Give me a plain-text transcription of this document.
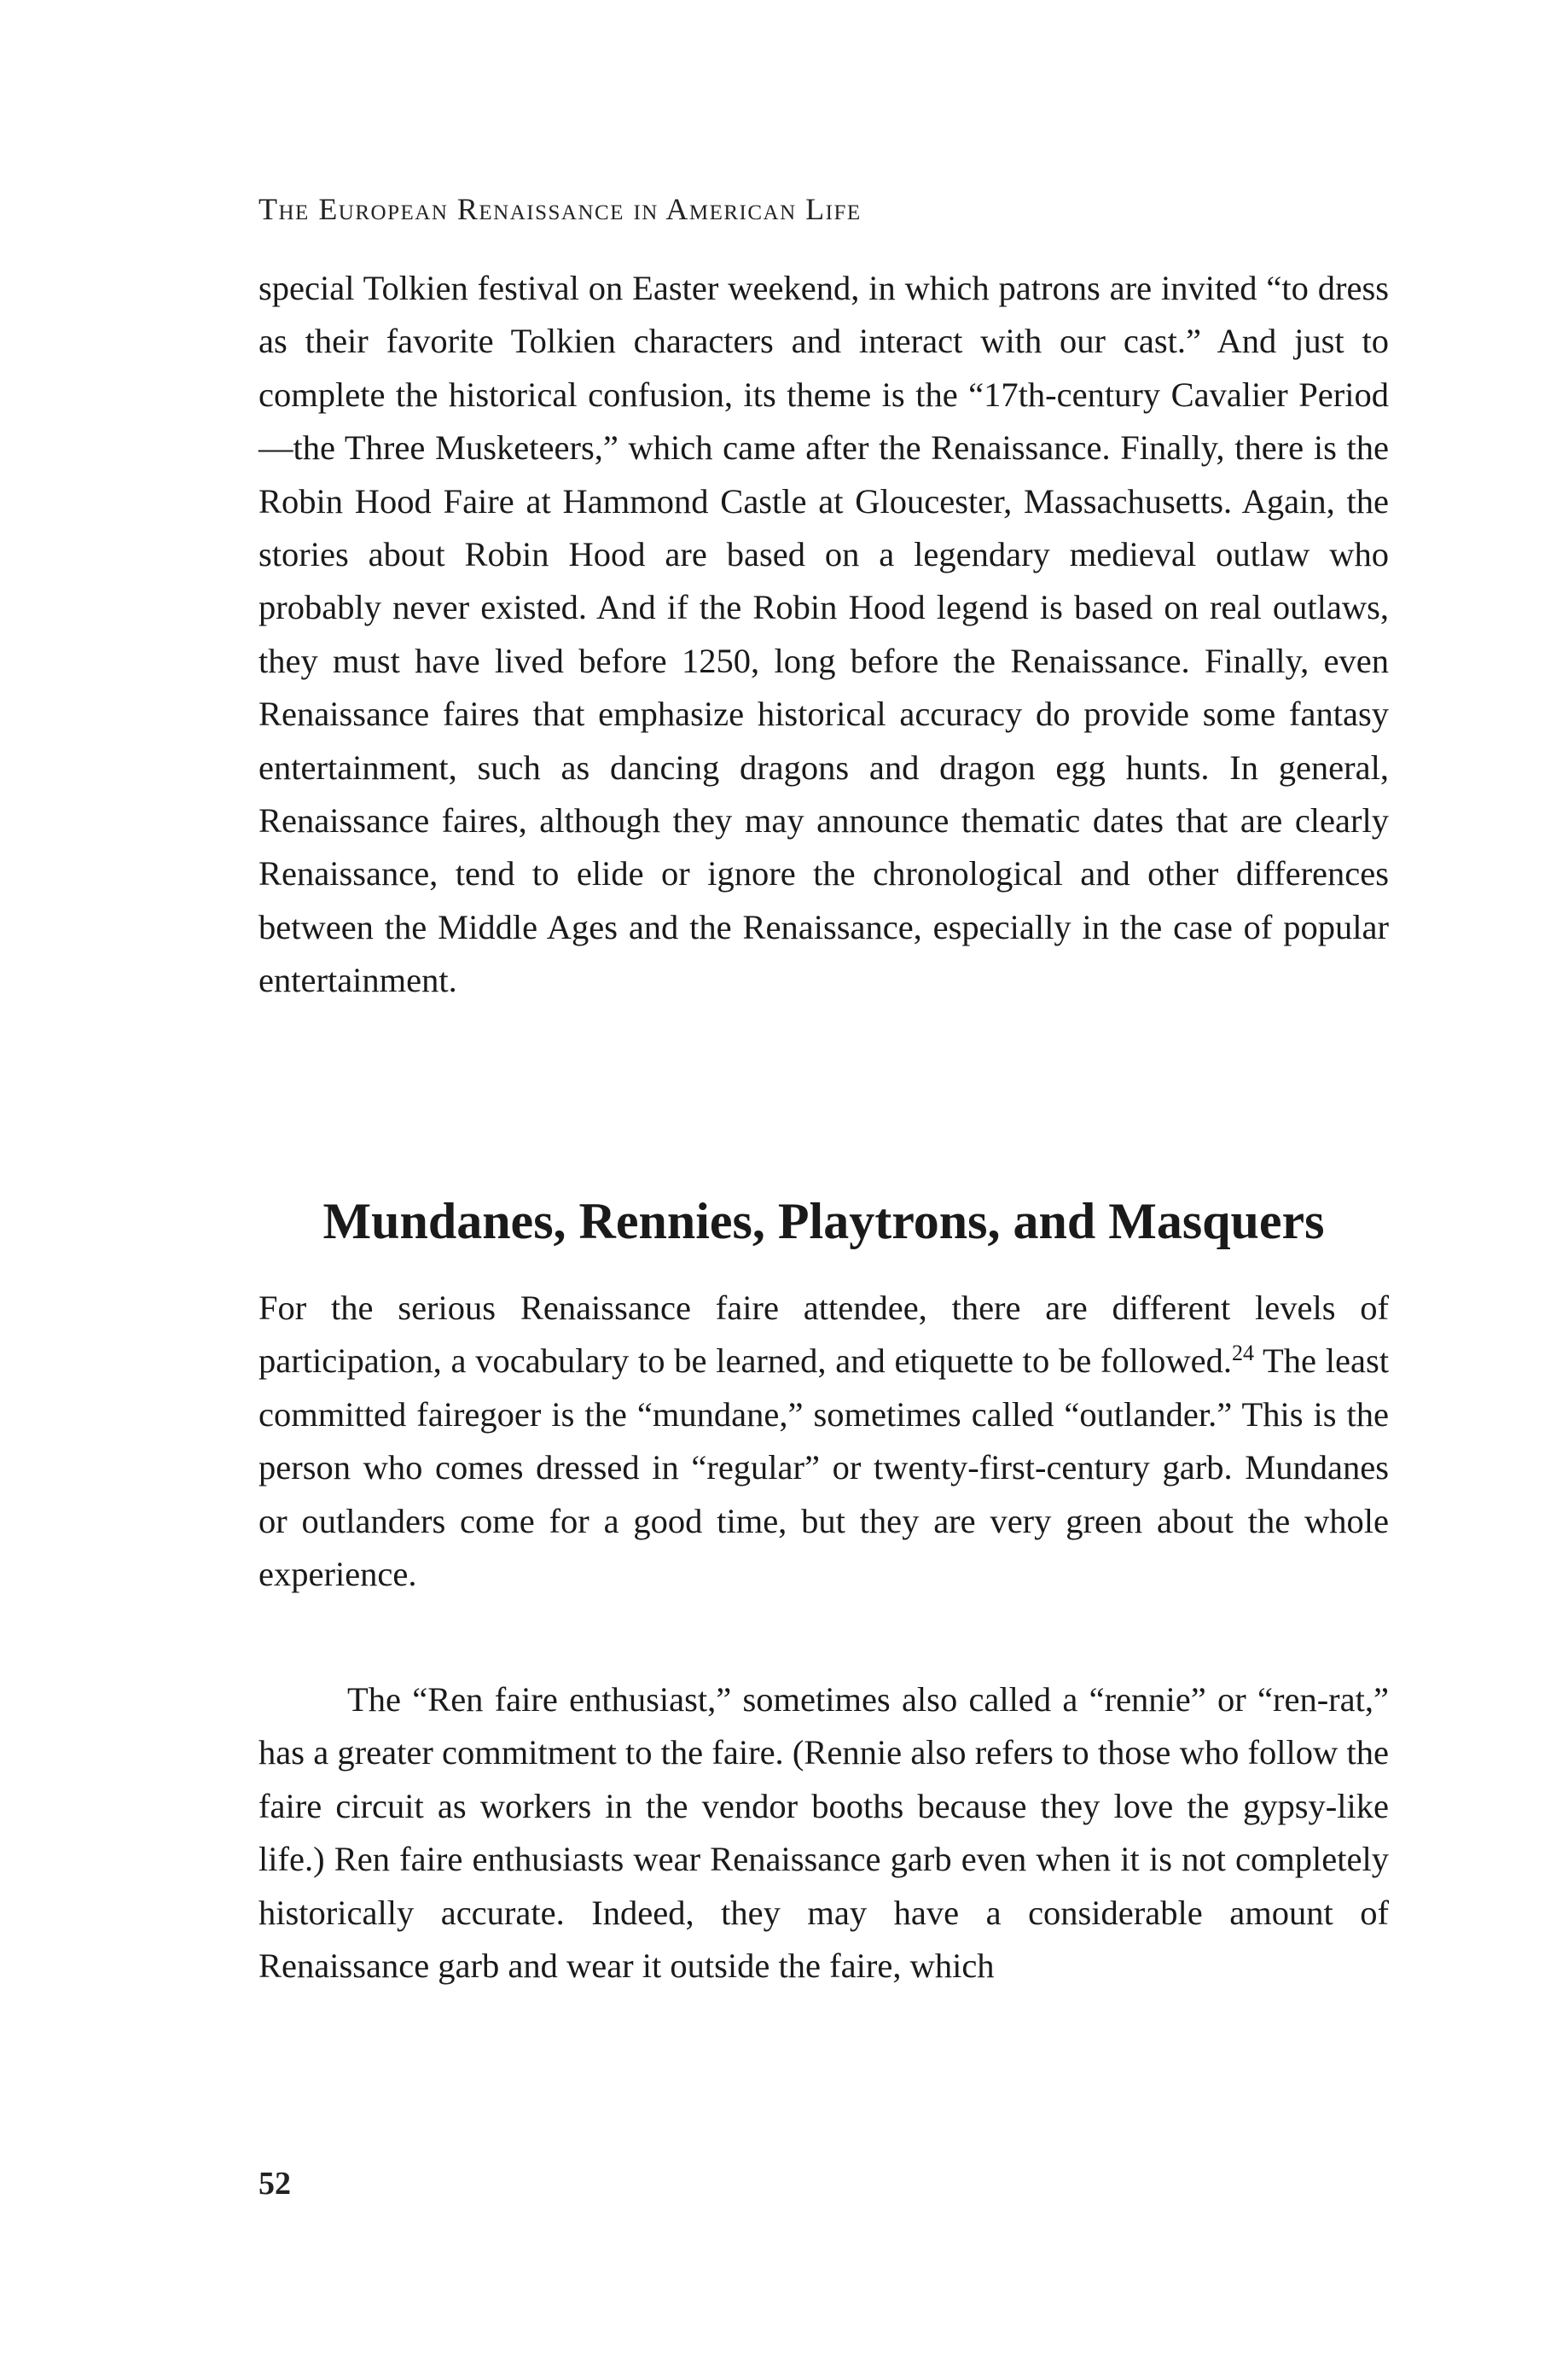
The European Renaissance in American Life

special Tolkien festival on Easter weekend, in which patrons are invited “to dress as their favorite Tolkien characters and interact with our cast.” And just to complete the historical confusion, its theme is the “17th-century Cavalier Period—the Three Musketeers,” which came after the Renaissance. Finally, there is the Robin Hood Faire at Hammond Castle at Gloucester, Massachusetts. Again, the stories about Robin Hood are based on a legendary medieval outlaw who probably never existed. And if the Robin Hood legend is based on real outlaws, they must have lived before 1250, long before the Renaissance. Finally, even Renaissance faires that emphasize historical accuracy do provide some fantasy entertainment, such as dancing dragons and dragon egg hunts. In general, Renaissance faires, although they may announce thematic dates that are clearly Renaissance, tend to elide or ignore the chronological and other differences between the Middle Ages and the Renaissance, especially in the case of popular entertainment.

Mundanes, Rennies, Playtrons, and Masquers

For the serious Renaissance faire attendee, there are different levels of participation, a vocabulary to be learned, and etiquette to be followed.$^{24}$ The least committed fairegoer is the “mundane,” sometimes called “outlander.” This is the person who comes dressed in “regular” or twenty-first-century garb. Mundanes or outlanders come for a good time, but they are very green about the whole experience.

The “Ren faire enthusiast,” sometimes also called a “rennie” or “ren-rat,” has a greater commitment to the faire. (Rennie also refers to those who follow the faire circuit as workers in the vendor booths because they love the gypsy-like life.) Ren faire enthusiasts wear Renaissance garb even when it is not completely historically accurate. Indeed, they may have a considerable amount of Renaissance garb and wear it outside the faire, which

52
